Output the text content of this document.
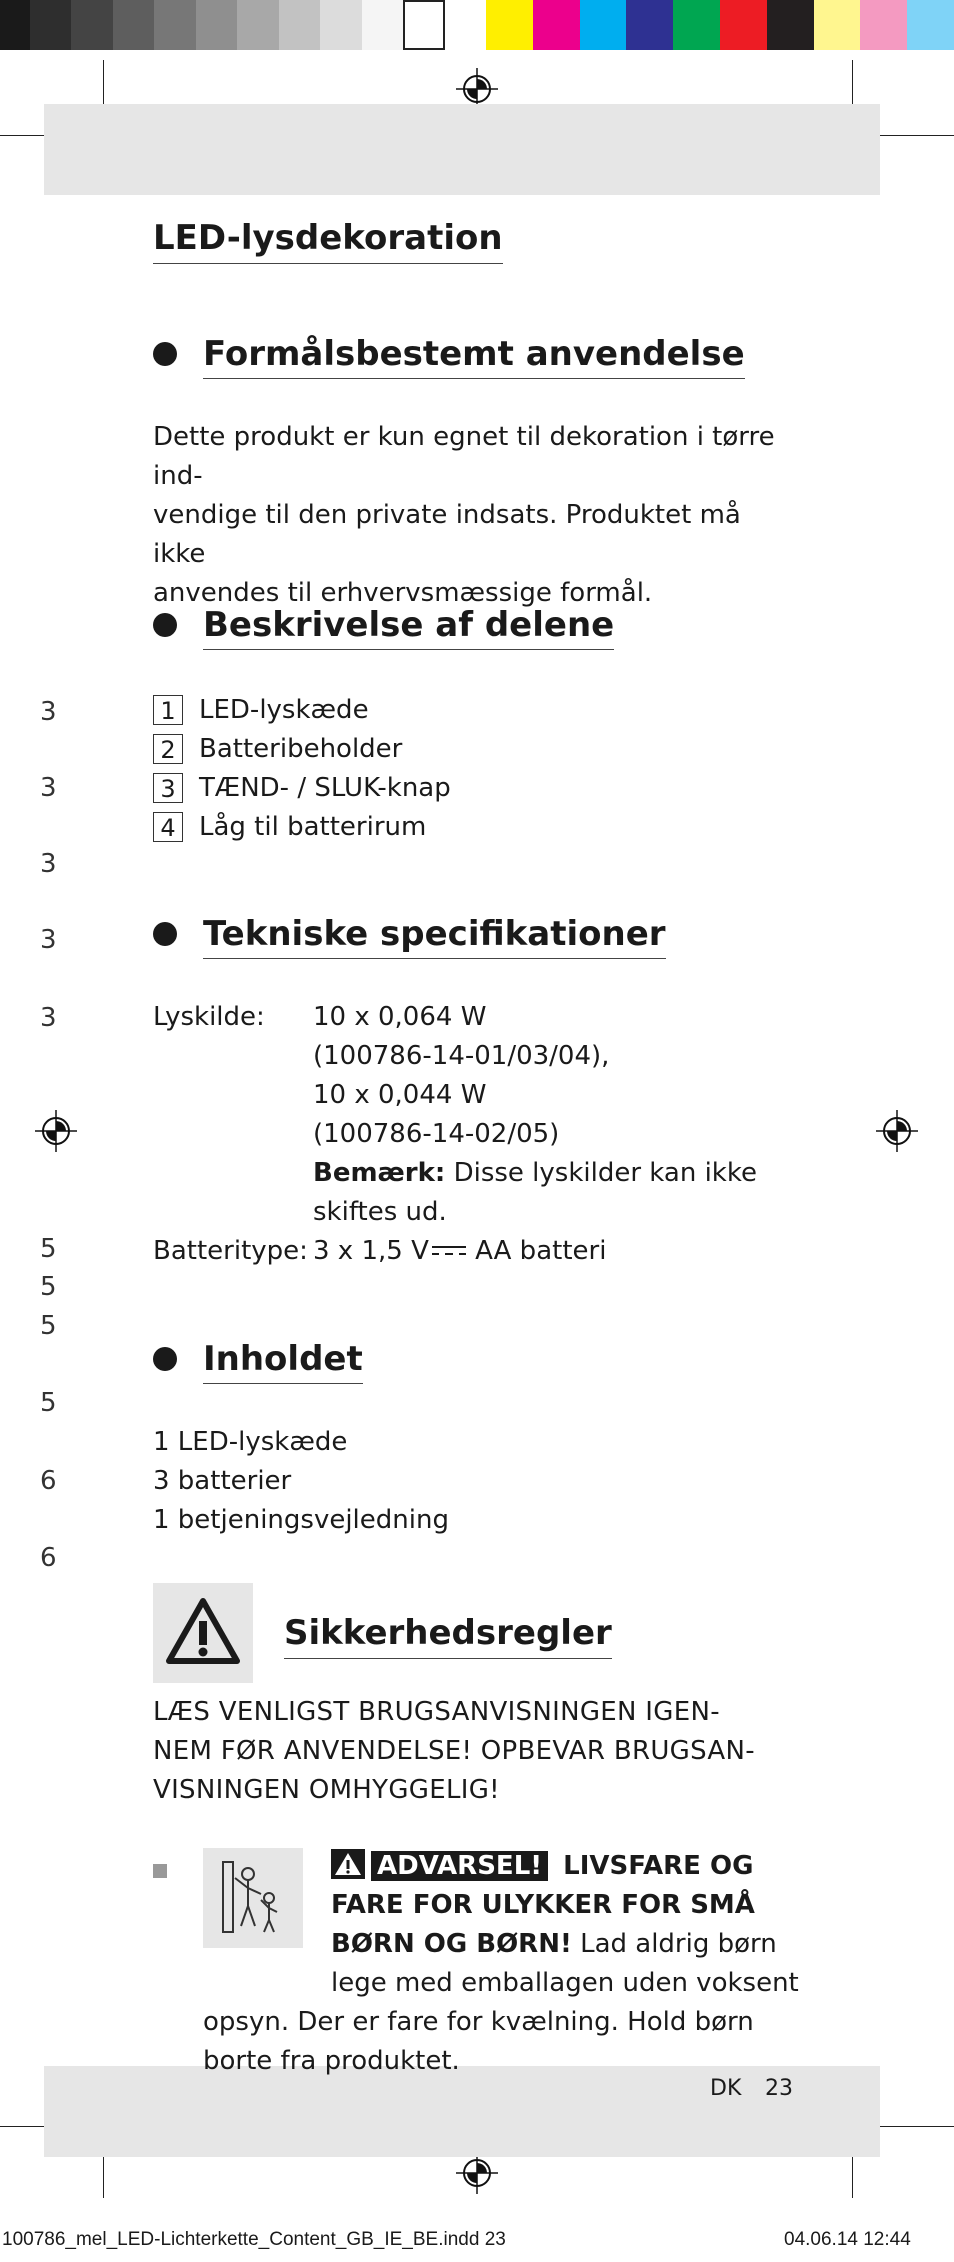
3
3
3
3
3
5
5
5
5
6
6
LED-lysdekoration
Formålsbestemt anvendelse
Dette produkt er kun egnet til dekoration i tørre ind-
vendige til den private indsats. Produktet må ikke
anvendes til erhvervsmæssige formål.
Beskrivelse af delene
1 LED-lyskæde
2 Batteribeholder
3 TÆND- / SLUK-knap
4 Låg til batterirum
Tekniske specifikationer
Lyskilde: 10 x 0,064 W
(100786-14-01/03/04),
10 x 0,044 W
(100786-14-02/05)
Bemærk: Disse lyskilder kan ikke
skiftes ud.
Batteritype: 3 x 1,5 V AA batteri
Inholdet
1 LED-lyskæde
3 batterier
1 betjeningsvejledning
Sikkerhedsregler
LÆS VENLIGST BRUGSANVISNINGEN IGEN-
NEM FØR ANVENDELSE! OPBEVAR BRUGSAN-
VISNINGEN OMHYGGELIG!
ADVARSEL! LIVSFARE OG FARE FOR ULYKKER FOR SMÅ BØRN OG BØRN! Lad aldrig børn lege med emballagen uden voksent opsyn. Der er fare for kvælning. Hold børn borte fra produktet.
DK 23
100786_mel_LED-Lichterkette_Content_GB_IE_BE.indd 23	04.06.14 12:44
